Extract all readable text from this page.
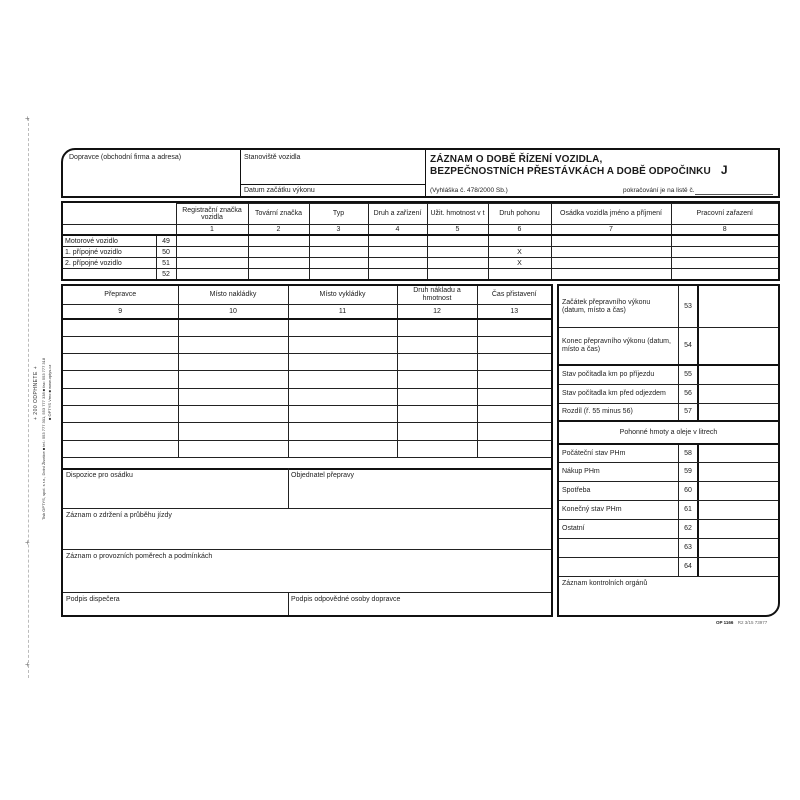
+
+
+
+ 200 ODPHNETE + Tisk OPTYS, spol. s r.o., Dolní Životice ■ tel.: 553 777 301, 553 777 338 ■ fax: 553 777 318 ■ OPTYS Vreo ■ www.optys.cz
Dopravce (obchodní firma a adresa)	Stanoviště vozidla
Datum začátku výkonu
ZÁZNAM O DOBĚ ŘÍZENÍ VOZIDLA,
BEZPEČNOSTNÍCH PŘESTÁVKÁCH A DOBĚ ODPOČINKU J
(Vyhláška č. 478/2000 Sb.)	pokračování je na listě č.
		Registrační značka vozidla	Tovární značka	Typ	Druh a zařízení	Užit. hmotnost v t	Druh pohonu	Osádka vozidla jméno a příjmení	Pracovní zařazení
		1	2	3	4	5	6	7	8
Motorové vozidlo	49								
1. přípojné vozidlo	50						X		
2. přípojné vozidlo	51						X		
	52								
Přepravce	Místo nakládky	Místo vykládky	Druh nákladu a hmotnost	Čas přistavení
9	10	11	12	13

Dispozice pro osádku	Objednatel přepravy
Záznam o zdržení a průběhu jízdy
Záznam o provozních poměrech a podmínkách
Podpis dispečera	Podpis odpovědné osoby dopravce
Začátek přepravního výkonu (datum, místo a čas)
53
Konec přepravního výkonu (datum, místo a čas)
54
Stav počítadla km po příjezdu	55
Stav počítadla km před odjezdem	56
Rozdíl (ř. 55 minus 56)	57
Pohonné hmoty a oleje v litrech
Počáteční stav PHm	58
Nákup PHm	59
Spotřeba	60
Konečný stav PHm	61
Ostatní	62
63
64
Záznam kontrolních orgánů
OP 1166 R2 3/15 73977
